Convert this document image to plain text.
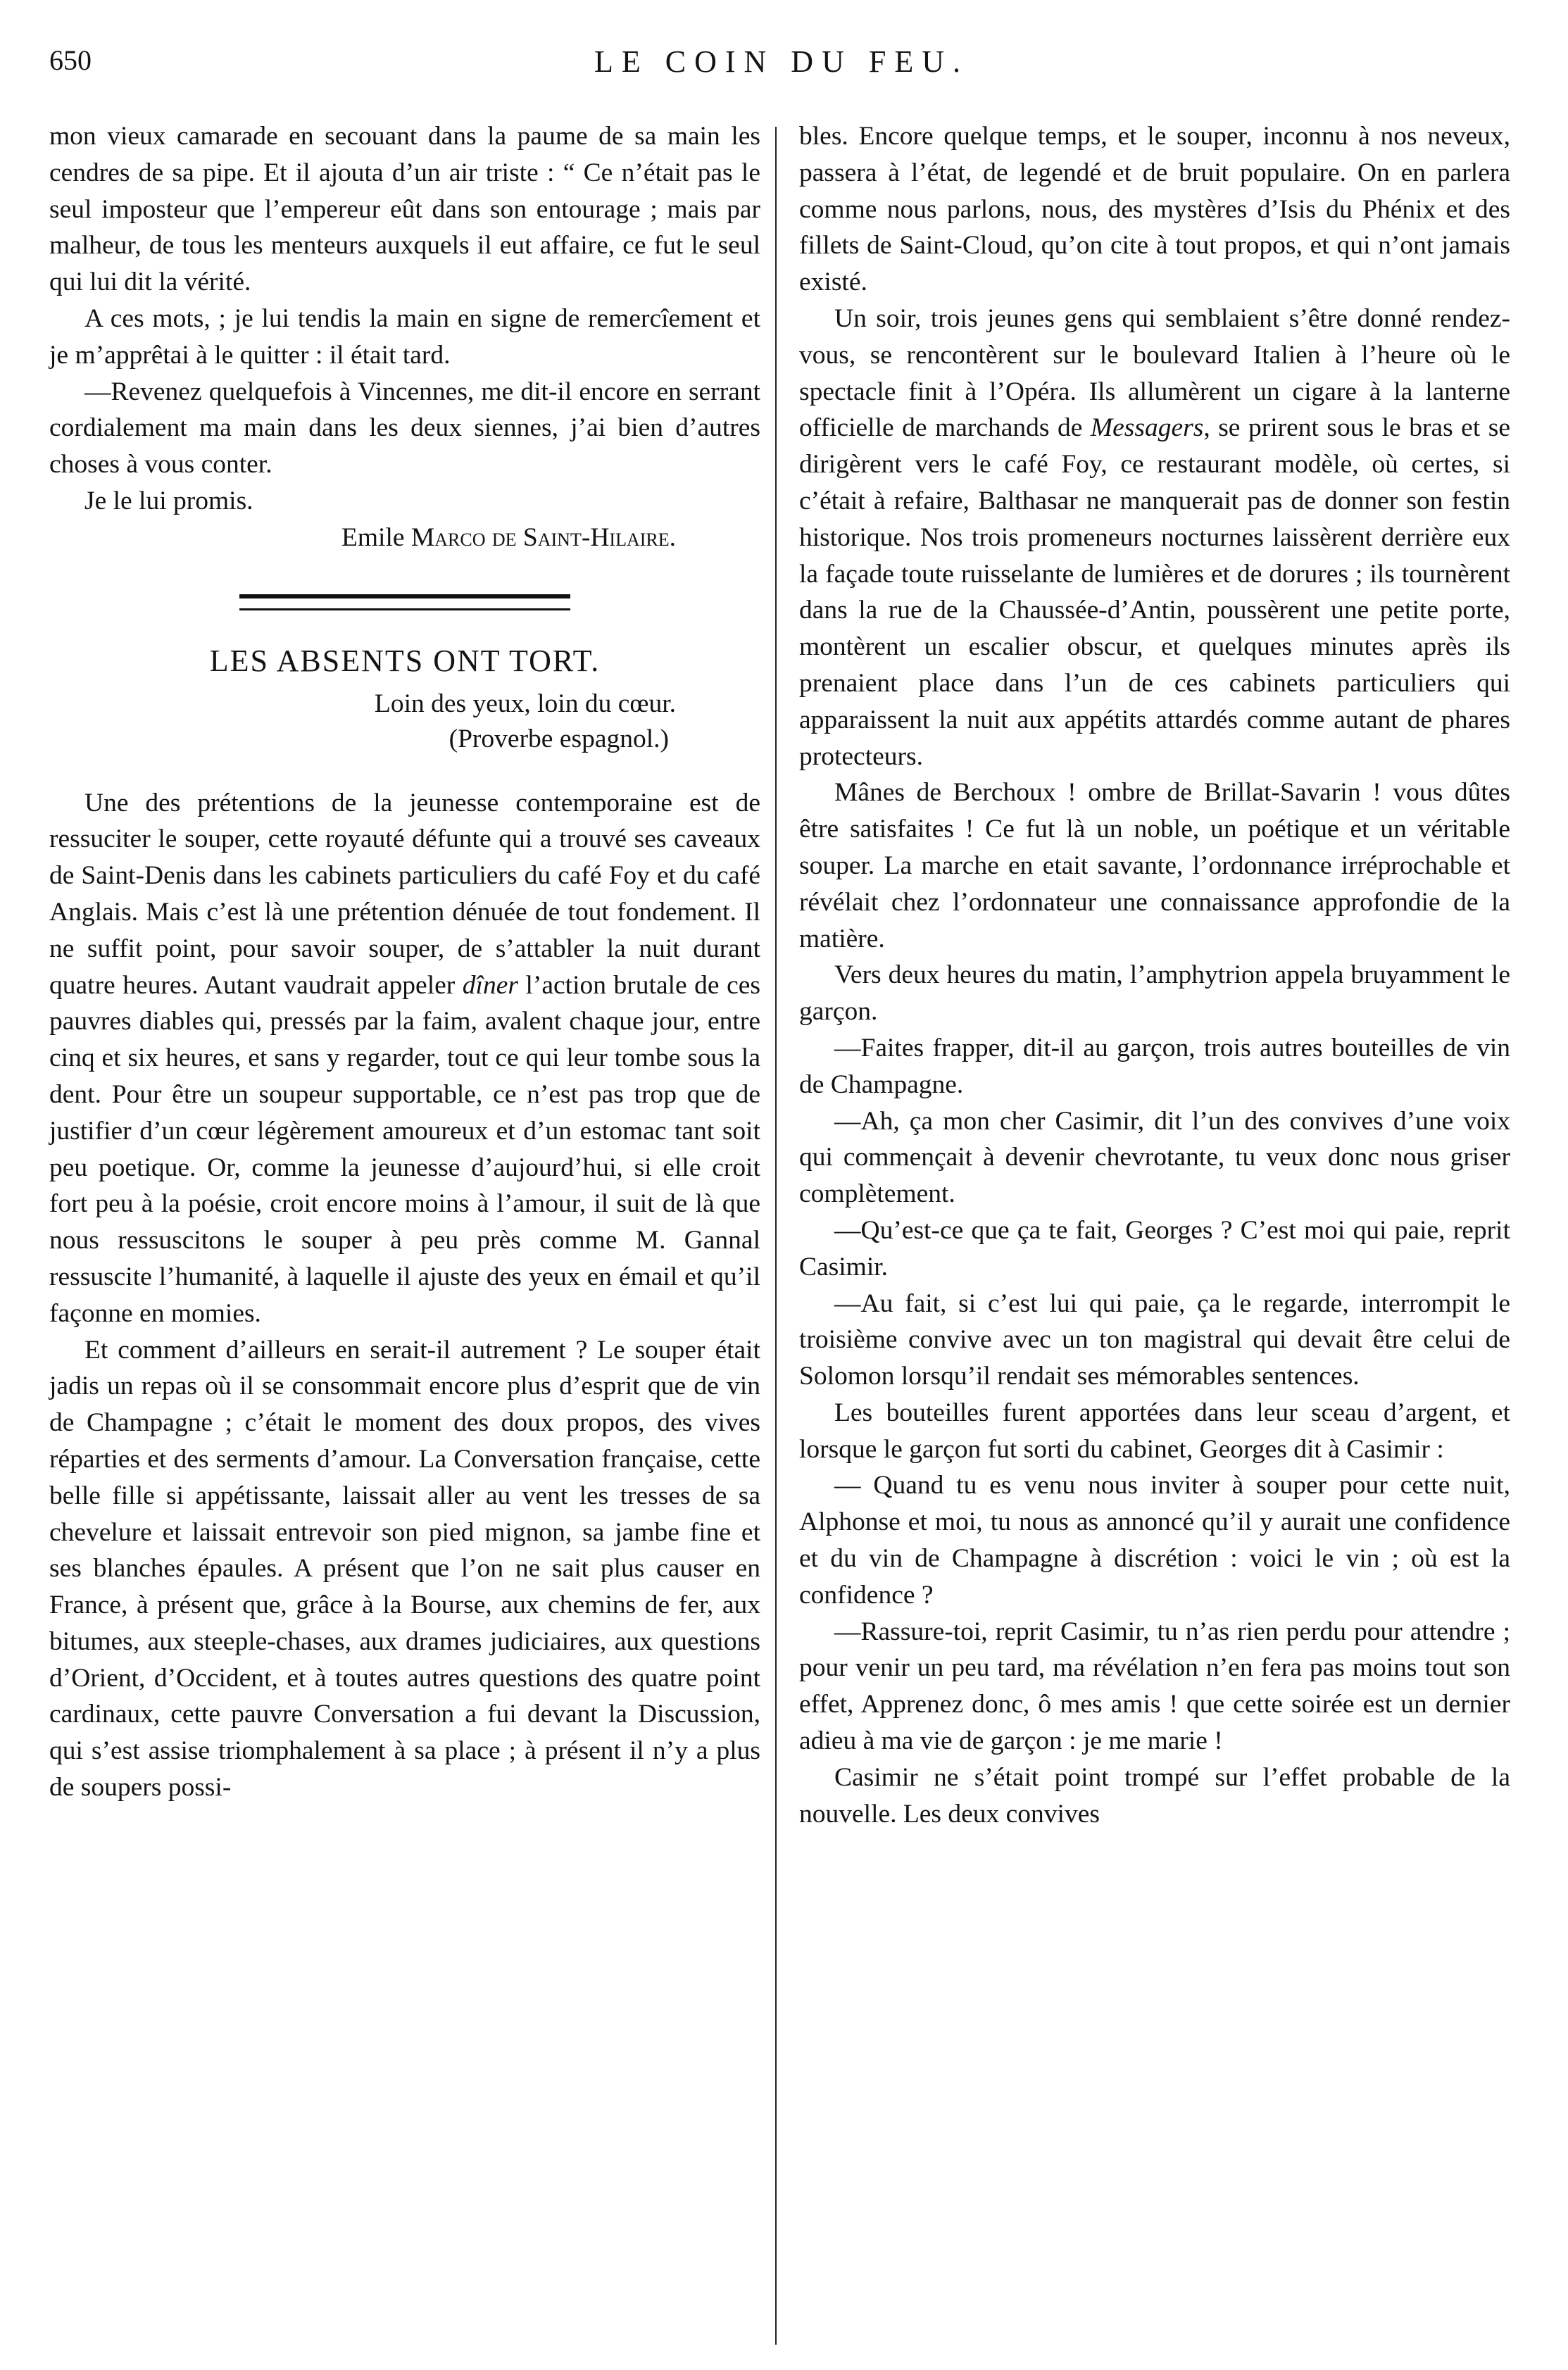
650	LE COIN DU FEU.

mon vieux camarade en secouant dans la paume de sa main les cendres de sa pipe. Et il ajouta d’un air triste : “ Ce n’était pas le seul imposteur que l’empereur eût dans son entourage ; mais par malheur, de tous les menteurs auxquels il eut affaire, ce fut le seul qui lui dit la vérité.

A ces mots, ; je lui tendis la main en signe de remercîement et je m’apprêtai à le quitter : il était tard.

—Revenez quelquefois à Vincennes, me dit-il encore en serrant cordialement ma main dans les deux siennes, j’ai bien d’autres choses à vous conter.

Je le lui promis.

Emile Marco de Saint-Hilaire.

LES ABSENTS ONT TORT.
Loin des yeux, loin du cœur.
(Proverbe espagnol.)

Une des prétentions de la jeunesse contemporaine est de ressuciter le souper, cette royauté défunte qui a trouvé ses caveaux de Saint-Denis dans les cabinets particuliers du café Foy et du café Anglais. Mais c’est là une prétention dénuée de tout fondement. Il ne suffit point, pour savoir souper, de s’attabler la nuit durant quatre heures. Autant vaudrait appeler dîner l’action brutale de ces pauvres diables qui, pressés par la faim, avalent chaque jour, entre cinq et six heures, et sans y regarder, tout ce qui leur tombe sous la dent. Pour être un soupeur supportable, ce n’est pas trop que de justifier d’un cœur légèrement amoureux et d’un estomac tant soit peu poetique. Or, comme la jeunesse d’aujourd’hui, si elle croit fort peu à la poésie, croit encore moins à l’amour, il suit de là que nous ressuscitons le souper à peu près comme M. Gannal ressuscite l’humanité, à laquelle il ajuste des yeux en émail et qu’il façonne en momies.

Et comment d’ailleurs en serait-il autrement ? Le souper était jadis un repas où il se consommait encore plus d’esprit que de vin de Champagne ; c’était le moment des doux propos, des vives réparties et des serments d’amour. La Conversation française, cette belle fille si appétissante, laissait aller au vent les tresses de sa chevelure et laissait entrevoir son pied mignon, sa jambe fine et ses blanches épaules. A présent que l’on ne sait plus causer en France, à présent que, grâce à la Bourse, aux chemins de fer, aux bitumes, aux steeple-chases, aux drames judiciaires, aux questions d’Orient, d’Occident, et à toutes autres questions des quatre point cardinaux, cette pauvre Conversation a fui devant la Discussion, qui s’est assise triomphalement à sa place ; à présent il n’y a plus de soupers possi-

bles. Encore quelque temps, et le souper, inconnu à nos neveux, passera à l’état, de legendé et de bruit populaire. On en parlera comme nous parlons, nous, des mystères d’Isis du Phénix et des fillets de Saint-Cloud, qu’on cite à tout propos, et qui n’ont jamais existé.

Un soir, trois jeunes gens qui semblaient s’être donné rendez-vous, se rencontèrent sur le boulevard Italien à l’heure où le spectacle finit à l’Opéra. Ils allumèrent un cigare à la lanterne officielle de marchands de Messagers, se prirent sous le bras et se dirigèrent vers le café Foy, ce restaurant modèle, où certes, si c’était à refaire, Balthasar ne manquerait pas de donner son festin historique. Nos trois promeneurs nocturnes laissèrent derrière eux la façade toute ruisselante de lumières et de dorures ; ils tournèrent dans la rue de la Chaussée-d’Antin, poussèrent une petite porte, montèrent un escalier obscur, et quelques minutes après ils prenaient place dans l’un de ces cabinets particuliers qui apparaissent la nuit aux appétits attardés comme autant de phares protecteurs.

Mânes de Berchoux ! ombre de Brillat-Savarin ! vous dûtes être satisfaites ! Ce fut là un noble, un poétique et un véritable souper. La marche en etait savante, l’ordonnance irréprochable et révélait chez l’ordonnateur une connaissance approfondie de la matière.

Vers deux heures du matin, l’amphytrion appela bruyamment le garçon.

—Faites frapper, dit-il au garçon, trois autres bouteilles de vin de Champagne.

—Ah, ça mon cher Casimir, dit l’un des convives d’une voix qui commençait à devenir chevrotante, tu veux donc nous griser complètement.

—Qu’est-ce que ça te fait, Georges ? C’est moi qui paie, reprit Casimir.

—Au fait, si c’est lui qui paie, ça le regarde, interrompit le troisième convive avec un ton magistral qui devait être celui de Solomon lorsqu’il rendait ses mémorables sentences.

Les bouteilles furent apportées dans leur sceau d’argent, et lorsque le garçon fut sorti du cabinet, Georges dit à Casimir :

— Quand tu es venu nous inviter à souper pour cette nuit, Alphonse et moi, tu nous as annoncé qu’il y aurait une confidence et du vin de Champagne à discrétion : voici le vin ; où est la confidence ?

—Rassure-toi, reprit Casimir, tu n’as rien perdu pour attendre ; pour venir un peu tard, ma révélation n’en fera pas moins tout son effet, Apprenez donc, ô mes amis ! que cette soirée est un dernier adieu à ma vie de garçon : je me marie !

Casimir ne s’était point trompé sur l’effet probable de la nouvelle. Les deux convives
